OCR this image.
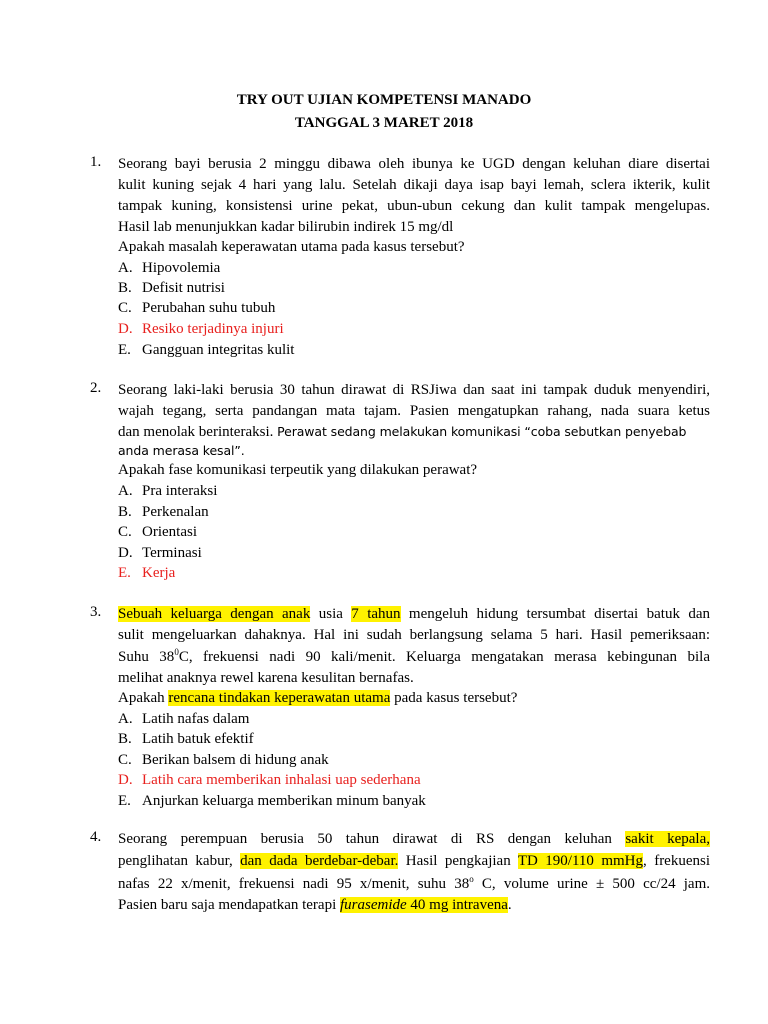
TRY OUT UJIAN KOMPETENSI MANADO
TANGGAL 3 MARET 2018
1. Seorang bayi berusia 2 minggu dibawa oleh ibunya ke UGD dengan keluhan diare disertai
kulit kuning sejak 4 hari yang lalu. Setelah dikaji daya isap bayi lemah, sclera ikterik, kulit
tampak kuning, konsistensi urine pekat, ubun-ubun cekung dan kulit tampak mengelupas.
Hasil lab menunjukkan kadar bilirubin indirek 15 mg/dl
Apakah masalah keperawatan utama pada kasus tersebut?
A. Hipovolemia
B. Defisit nutrisi
C. Perubahan suhu tubuh
D. Resiko terjadinya injuri
E. Gangguan integritas kulit
2. Seorang laki-laki berusia 30 tahun dirawat di RSJiwa dan saat ini tampak duduk menyendiri,
wajah tegang, serta pandangan mata tajam. Pasien mengatupkan rahang, nada suara ketus
dan menolak berinteraksi. Perawat sedang melakukan komunikasi “coba sebutkan penyebab
anda merasa kesal”.
Apakah fase komunikasi terpeutik yang dilakukan perawat?
A. Pra interaksi
B. Perkenalan
C. Orientasi
D. Terminasi
E. Kerja
3. Sebuah keluarga dengan anak usia 7 tahun mengeluh hidung tersumbat disertai batuk dan
sulit mengeluarkan dahaknya. Hal ini sudah berlangsung selama 5 hari. Hasil pemeriksaan:
Suhu $38^0C$, frekuensi nadi 90 kali/menit. Keluarga mengatakan merasa kebingunan bila
melihat anaknya rewel karena kesulitan bernafas.
Apakah rencana tindakan keperawatan utama pada kasus tersebut?
A. Latih nafas dalam
B. Latih batuk efektif
C. Berikan balsem di hidung anak
D. Latih cara memberikan inhalasi uap sederhana
E. Anjurkan keluarga memberikan minum banyak
4. Seorang perempuan berusia 50 tahun dirawat di RS dengan keluhan sakit kepala,
penglihatan kabur, dan dada berdebar-debar. Hasil pengkajian TD 190/110 mmHg, frekuensi
nafas 22 x/menit, frekuensi nadi 95 x/menit, suhu 38$^o$ C, volume urine ± 500 cc/24 jam.
Pasien baru saja mendapatkan terapi furasemide 40 mg intravena.
